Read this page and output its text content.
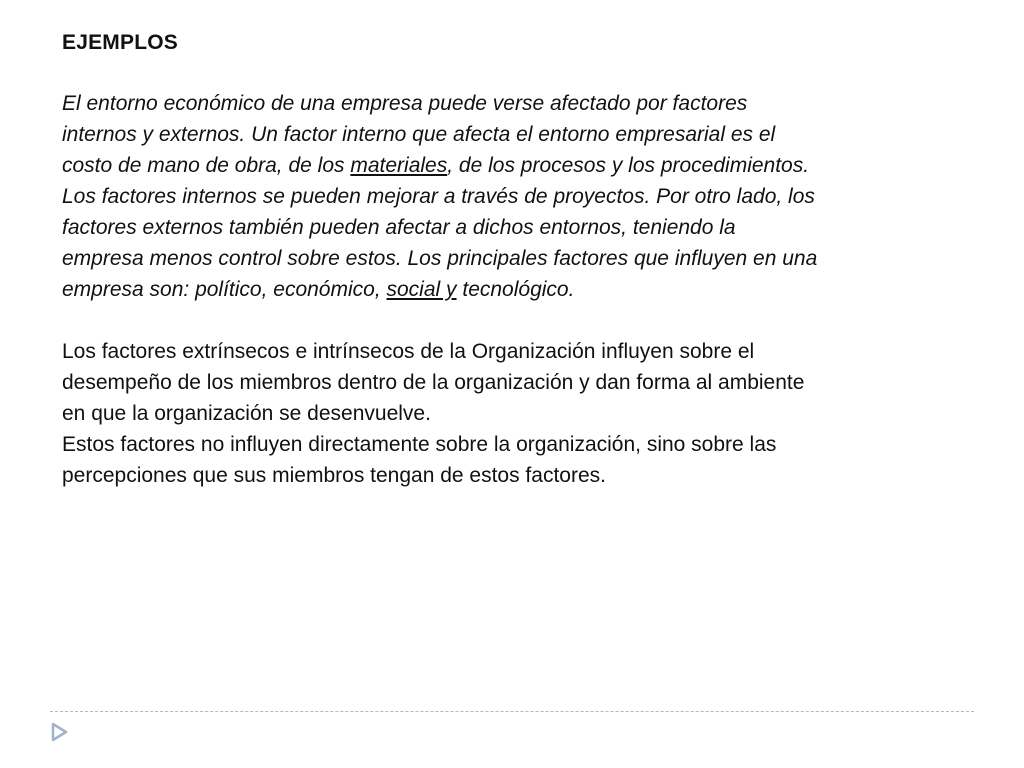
EJEMPLOS

El entorno económico de una empresa puede verse afectado por factores internos y externos. Un factor interno que afecta el entorno empresarial es el costo de mano de obra, de los materiales, de los procesos y los procedimientos. Los factores internos se pueden mejorar a través de proyectos. Por otro lado, los factores externos también pueden afectar a dichos entornos, teniendo la empresa menos control sobre estos. Los principales factores que influyen en una empresa son: político, económico, social y tecnológico.

Los factores extrínsecos e intrínsecos de la Organización influyen sobre el desempeño de los miembros dentro de la organización y dan forma al ambiente en que la organización se desenvuelve.

Estos factores no influyen directamente sobre la organización, sino sobre las percepciones que sus miembros tengan de estos factores.
